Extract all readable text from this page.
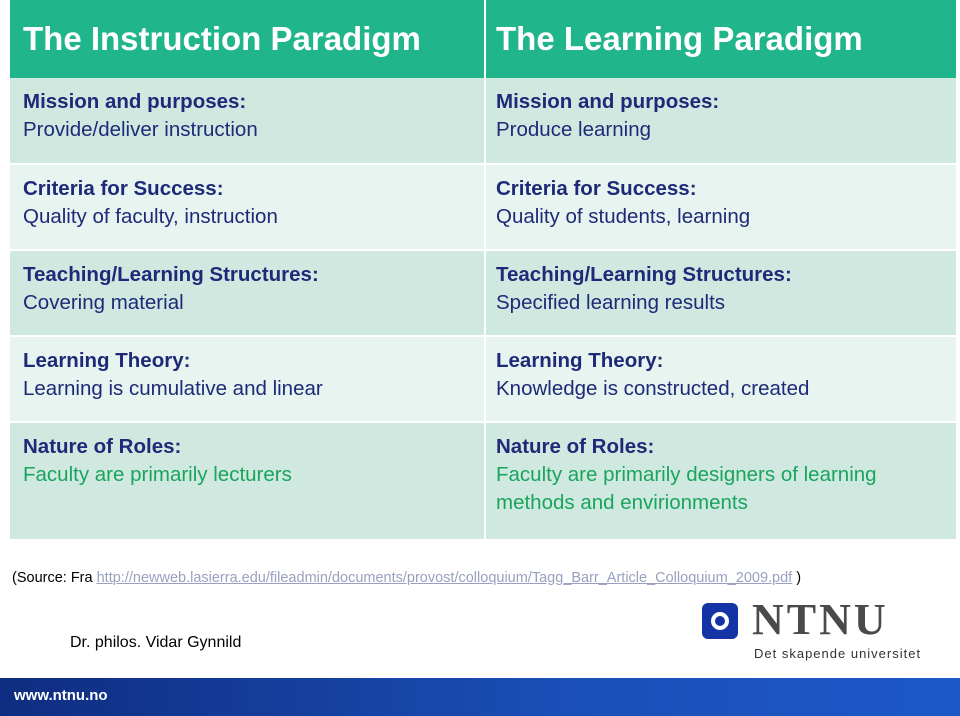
The Instruction Paradigm	The Learning Paradigm
Mission and purposes:
Provide/deliver instruction
Mission and purposes:
Produce learning
Criteria for Success:
Quality of faculty, instruction
Criteria for Success:
Quality of students, learning
Teaching/Learning Structures:
Covering material
Teaching/Learning Structures:
Specified learning results
Learning Theory:
Learning is cumulative and linear
Learning Theory:
Knowledge is constructed, created
Nature of Roles:
Faculty are primarily lecturers
Nature of Roles:
Faculty are primarily designers of learning methods and envirionments
(Source: Fra http://newweb.lasierra.edu/fileadmin/documents/provost/colloquium/Tagg_Barr_Article_Colloquium_2009.pdf )
Dr. philos. Vidar Gynnild	NTNU
Det skapende universitet
www.ntnu.no
